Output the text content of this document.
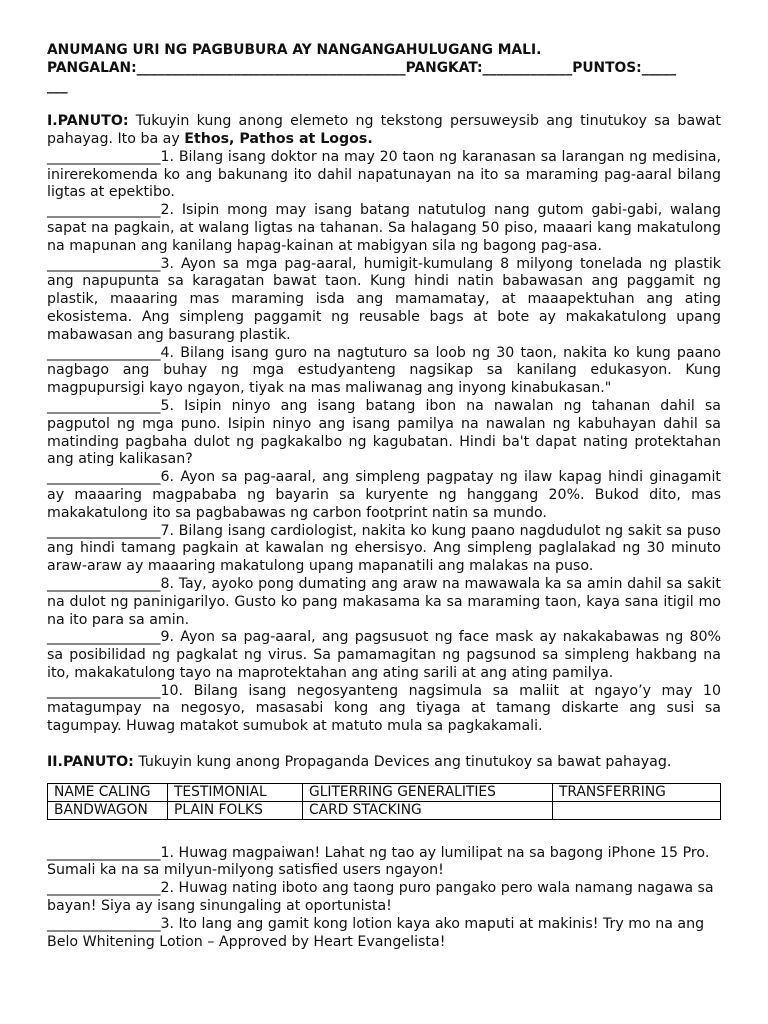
ANUMANG URI NG PAGBUBURA AY NANGANGAHULUGANG MALI.
PANGALAN:_______________________________________PANGKAT:_____________PUNTOS:_____
___
I.PANUTO: Tukuyin kung anong elemeto ng tekstong persuweysib ang tinutukoy sa bawat pahayag. Ito ba ay Ethos, Pathos at Logos.
________________1. Bilang isang doktor na may 20 taon ng karanasan sa larangan ng medisina, inirerekomenda ko ang bakunang ito dahil napatunayan na ito sa maraming pag-aaral bilang ligtas at epektibo.
________________2. Isipin mong may isang batang natutulog nang gutom gabi-gabi, walang sapat na pagkain, at walang ligtas na tahanan. Sa halagang 50 piso, maaari kang makatulong na mapunan ang kanilang hapag-kainan at mabigyan sila ng bagong pag-asa.
________________3. Ayon sa mga pag-aaral, humigit-kumulang 8 milyong tonelada ng plastik ang napupunta sa karagatan bawat taon. Kung hindi natin babawasan ang paggamit ng plastik, maaaring mas maraming isda ang mamamatay, at maaapektuhan ang ating ekosistema. Ang simpleng paggamit ng reusable bags at bote ay makakatulong upang mabawasan ang basurang plastik.
________________4. Bilang isang guro na nagtuturo sa loob ng 30 taon, nakita ko kung paano nagbago ang buhay ng mga estudyanteng nagsikap sa kanilang edukasyon. Kung magpupursigi kayo ngayon, tiyak na mas maliwanag ang inyong kinabukasan."
________________5. Isipin ninyo ang isang batang ibon na nawalan ng tahanan dahil sa pagputol ng mga puno. Isipin ninyo ang isang pamilya na nawalan ng kabuhayan dahil sa matinding pagbaha dulot ng pagkakalbo ng kagubatan. Hindi ba't dapat nating protektahan ang ating kalikasan?
________________6. Ayon sa pag-aaral, ang simpleng pagpatay ng ilaw kapag hindi ginagamit ay maaaring magpababa ng bayarin sa kuryente ng hanggang 20%. Bukod dito, mas makakatulong ito sa pagbabawas ng carbon footprint natin sa mundo.
________________7. Bilang isang cardiologist, nakita ko kung paano nagdudulot ng sakit sa puso ang hindi tamang pagkain at kawalan ng ehersisyo. Ang simpleng paglalakad ng 30 minuto araw-araw ay maaaring makatulong upang mapanatili ang malakas na puso.
________________8. Tay, ayoko pong dumating ang araw na mawawala ka sa amin dahil sa sakit na dulot ng paninigarilyo. Gusto ko pang makasama ka sa maraming taon, kaya sana itigil mo na ito para sa amin.
________________9. Ayon sa pag-aaral, ang pagsusuot ng face mask ay nakakabawas ng 80% sa posibilidad ng pagkalat ng virus. Sa pamamagitan ng pagsunod sa simpleng hakbang na ito, makakatulong tayo na maprotektahan ang ating sarili at ang ating pamilya.
________________10. Bilang isang negosyanteng nagsimula sa maliit at ngayo’y may 10 matagumpay na negosyo, masasabi kong ang tiyaga at tamang diskarte ang susi sa tagumpay. Huwag matakot sumubok at matuto mula sa pagkakamali.
II.PANUTO: Tukuyin kung anong Propaganda Devices ang tinutukoy sa bawat pahayag.
NAME CALING	TESTIMONIAL	GLITERRING GENERALITIES	TRANSFERRING
BANDWAGON	PLAIN FOLKS	CARD STACKING	
________________1. Huwag magpaiwan! Lahat ng tao ay lumilipat na sa bagong iPhone 15 Pro. Sumali ka na sa milyun-milyong satisfied users ngayon!
________________2. Huwag nating iboto ang taong puro pangako pero wala namang nagawa sa bayan! Siya ay isang sinungaling at oportunista!
________________3. Ito lang ang gamit kong lotion kaya ako maputi at makinis! Try mo na ang Belo Whitening Lotion – Approved by Heart Evangelista!
